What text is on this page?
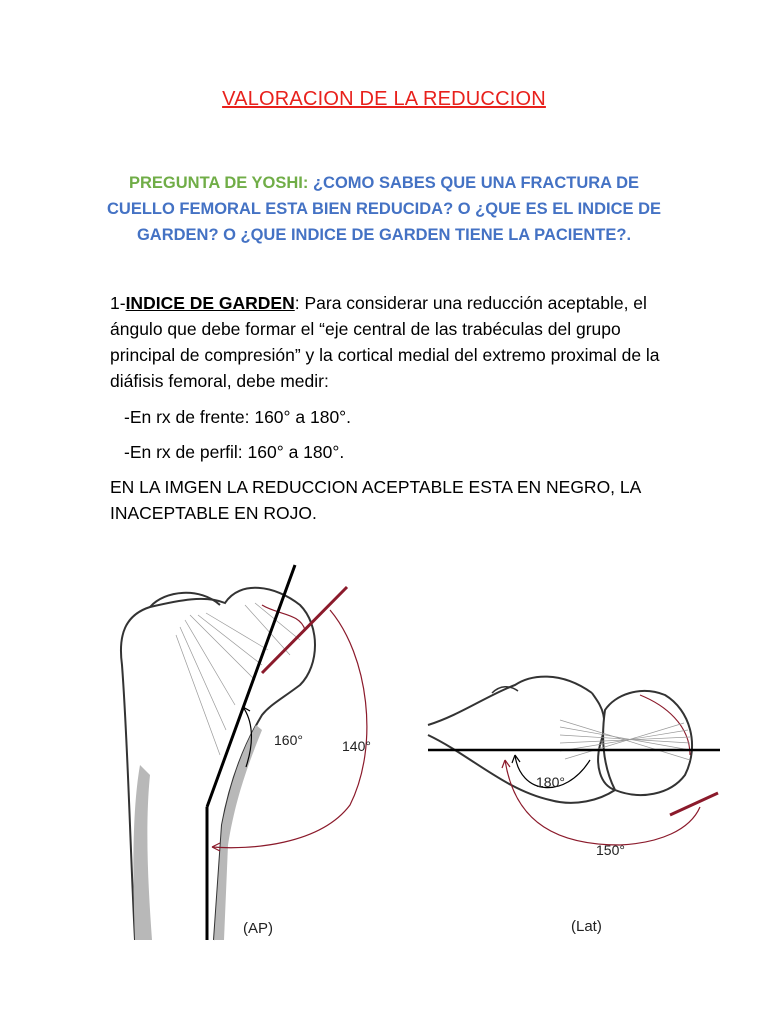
VALORACION DE LA REDUCCION
PREGUNTA DE YOSHI: ¿COMO SABES QUE UNA FRACTURA DE CUELLO FEMORAL ESTA BIEN REDUCIDA? O ¿QUE ES EL INDICE DE GARDEN? O ¿QUE INDICE DE GARDEN TIENE LA PACIENTE?.
1-INDICE DE GARDEN: Para considerar una reducción aceptable, el ángulo que debe formar el “eje central de las trabéculas del grupo principal de compresión” y la cortical medial del extremo proximal de la diáfisis femoral, debe medir:
-En rx de frente: 160° a 180°.
-En rx de perfil: 160° a 180°.
EN LA IMGEN LA REDUCCION ACEPTABLE ESTA EN NEGRO, LA INACEPTABLE EN ROJO.
160°	140°
(AP)
180°
150°
(Lat)
